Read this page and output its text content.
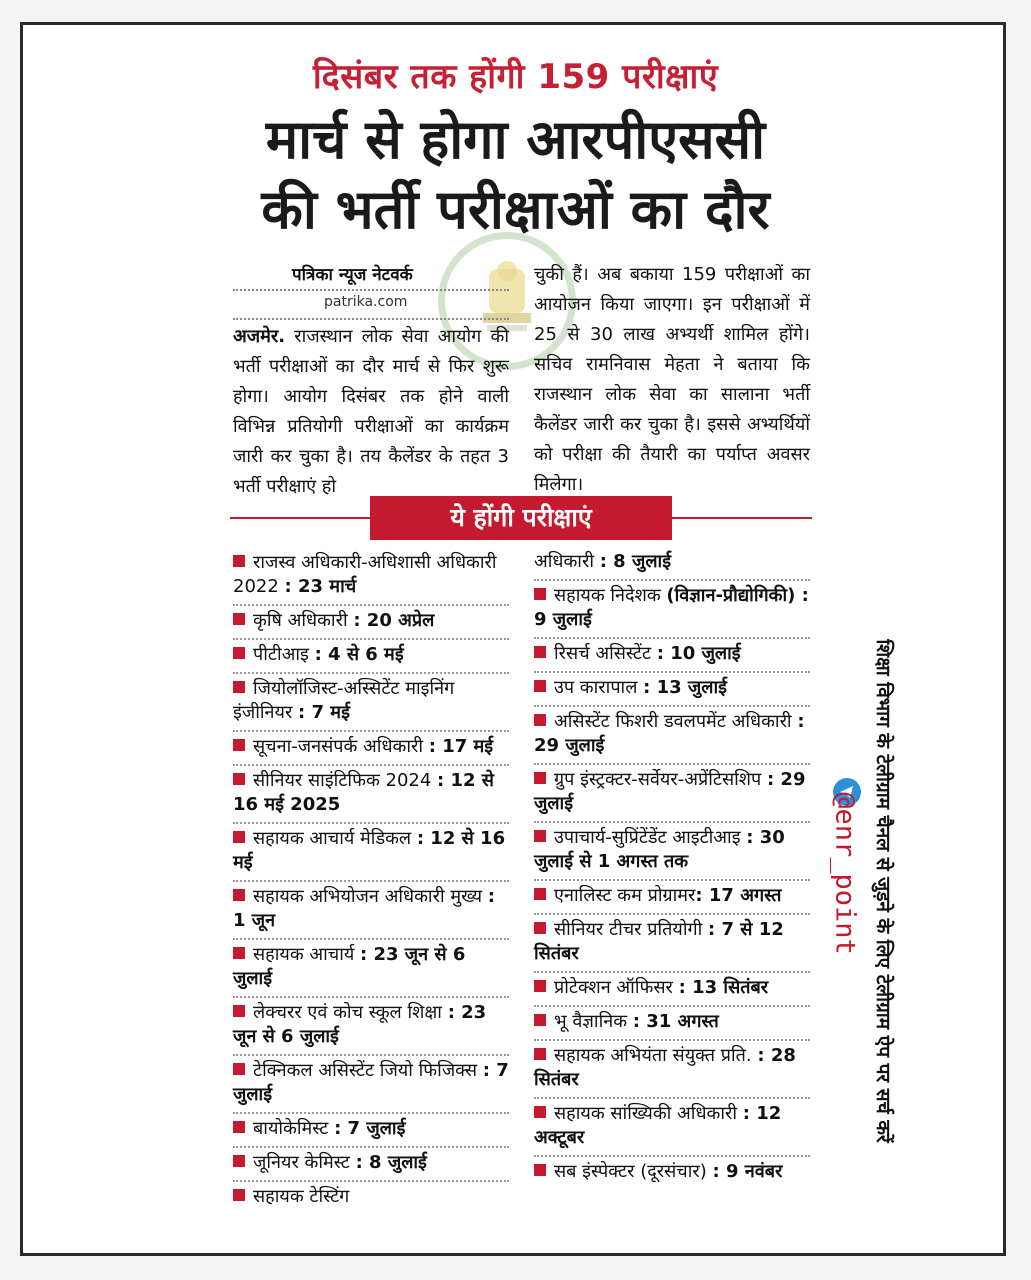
दिसंबर तक होंगी 159 परीक्षाएं
मार्च से होगा आरपीएससी
की भर्ती परीक्षाओं का दौर
पत्रिका न्यूज नेटवर्क
patrika.com
अजमेर. राजस्थान लोक सेवा आयोग की भर्ती परीक्षाओं का दौर मार्च से फिर शुरू होगा। आयोग दिसंबर तक होने वाली विभिन्न प्रतियोगी परीक्षाओं का कार्यक्रम जारी कर चुका है। तय कैलेंडर के तहत 3 भर्ती परीक्षाएं हो
चुकी हैं। अब बकाया 159 परीक्षाओं का आयोजन किया जाएगा। इन परीक्षाओं में 25 से 30 लाख अभ्यर्थी शामिल होंगे। सचिव रामनिवास मेहता ने बताया कि राजस्थान लोक सेवा का सालाना भर्ती कैलेंडर जारी कर चुका है। इससे अभ्यर्थियों को परीक्षा की तैयारी का पर्याप्त अवसर मिलेगा।
ये होंगी परीक्षाएं
राजस्व अधिकारी-अधिशासी अधिकारी 2022 : 23 मार्च
कृषि अधिकारी : 20 अप्रेल
पीटीआइ : 4 से 6 मई
जियोलॉजिस्ट-अस्सिटेंट माइनिंग इंजीनियर : 7 मई
सूचना-जनसंपर्क अधिकारी : 17 मई
सीनियर साइंटिफिक 2024 : 12 से 16 मई 2025
सहायक आचार्य मेडिकल : 12 से 16 मई
सहायक अभियोजन अधिकारी मुख्य : 1 जून
सहायक आचार्य : 23 जून से 6 जुलाई
लेक्चरर एवं कोच स्कूल शिक्षा : 23 जून से 6 जुलाई
टेक्निकल असिस्टेंट जियो फिजिक्स : 7 जुलाई
बायोकेमिस्ट : 7 जुलाई
जूनियर केमिस्ट : 8 जुलाई
सहायक टेस्टिंग
अधिकारी : 8 जुलाई
सहायक निदेशक (विज्ञान-प्रौद्योगिकी) : 9 जुलाई
रिसर्च असिस्टेंट : 10 जुलाई
उप कारापाल : 13 जुलाई
असिस्टेंट फिशरी डवलपमेंट अधिकारी : 29 जुलाई
ग्रुप इंस्ट्रक्टर-सर्वेयर-अप्रेंटिसशिप : 29 जुलाई
उपाचार्य-सुप्रिंटेंडेंट आइटीआइ : 30 जुलाई से 1 अगस्त तक
एनालिस्ट कम प्रोग्रामर: 17 अगस्त
सीनियर टीचर प्रतियोगी : 7 से 12 सितंबर
प्रोटेक्शन ऑफिसर : 13 सितंबर
भू वैज्ञानिक : 31 अगस्त
सहायक अभियंता संयुक्त प्रति. : 28 सितंबर
सहायक सांख्यिकी अधिकारी : 12 अक्टूबर
सब इंस्पेक्टर (दूरसंचार) : 9 नवंबर
@enr_point शिक्षा विभाग के टेलीग्राम चैनल से जुड़ने के लिए टेलीग्राम ऐप पर सर्च करें
